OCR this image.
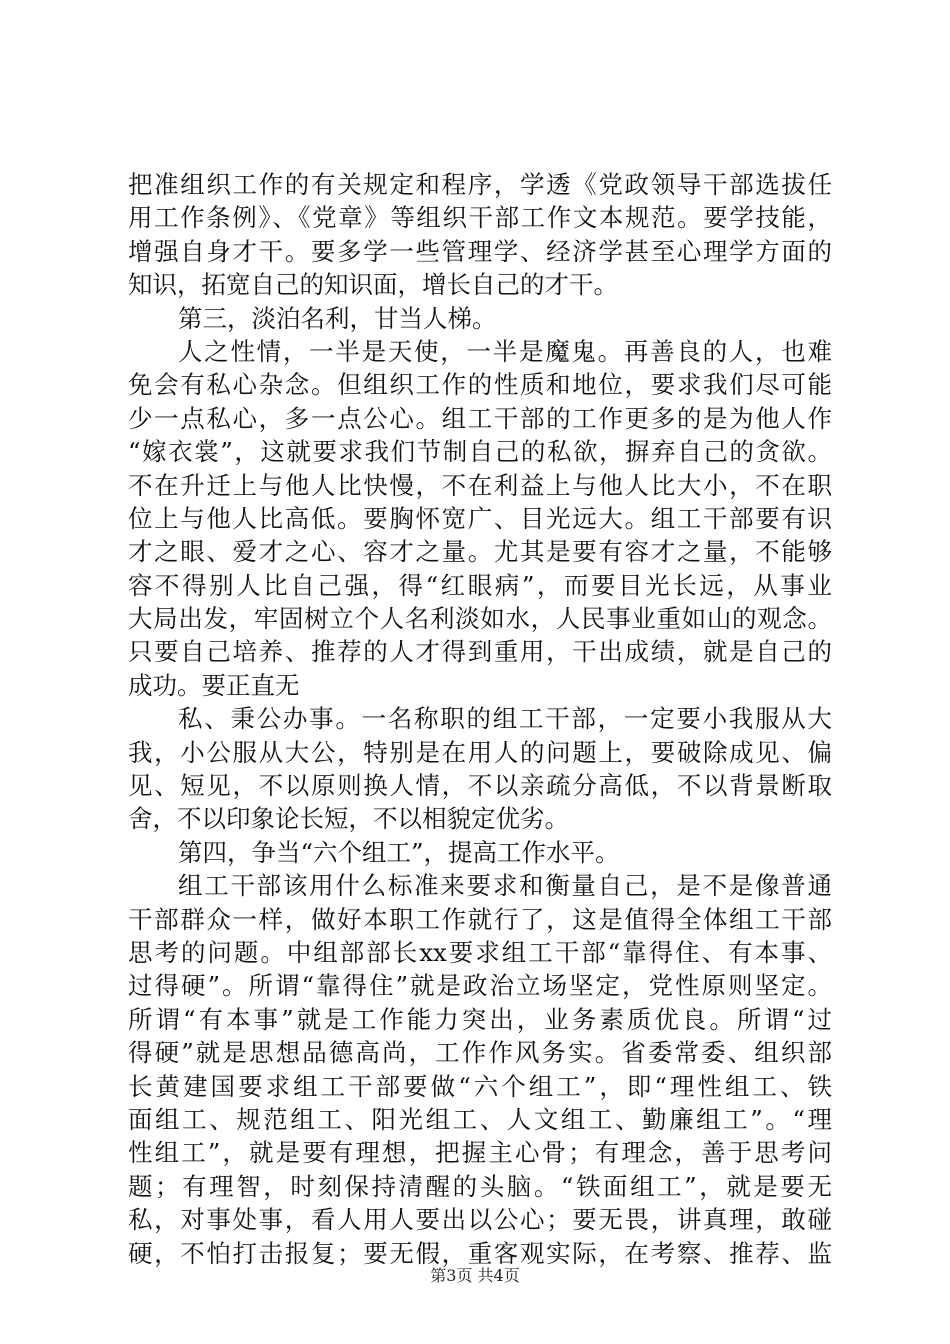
把准组织工作的有关规定和程序，学透《党政领导干部选拔任
用工作条例》、《党章》等组织干部工作文本规范。要学技能，
增强自身才干。要多学一些管理学、经济学甚至心理学方面的
知识，拓宽自己的知识面，增长自己的才干。
第三，淡泊名利，甘当人梯。
人之性情，一半是天使，一半是魔鬼。再善良的人，也难
免会有私心杂念。但组织工作的性质和地位，要求我们尽可能
少一点私心，多一点公心。组工干部的工作更多的是为他人作
“嫁衣裳”，这就要求我们节制自己的私欲，摒弃自己的贪欲。
不在升迁上与他人比快慢，不在利益上与他人比大小，不在职
位上与他人比高低。要胸怀宽广、目光远大。组工干部要有识
才之眼、爱才之心、容才之量。尤其是要有容才之量，不能够
容不得别人比自己强，得“红眼病”，而要目光长远，从事业
大局出发，牢固树立个人名利淡如水，人民事业重如山的观念。
只要自己培养、推荐的人才得到重用，干出成绩，就是自己的
成功。要正直无
私、秉公办事。一名称职的组工干部，一定要小我服从大
我，小公服从大公，特别是在用人的问题上，要破除成见、偏
见、短见，不以原则换人情，不以亲疏分高低，不以背景断取
舍，不以印象论长短，不以相貌定优劣。
第四，争当“六个组工”，提高工作水平。
组工干部该用什么标准来要求和衡量自己，是不是像普通
干部群众一样，做好本职工作就行了，这是值得全体组工干部
思考的问题。中组部部长xx要求组工干部“靠得住、有本事、
过得硬”。所谓“靠得住”就是政治立场坚定，党性原则坚定。
所谓“有本事”就是工作能力突出，业务素质优良。所谓“过
得硬”就是思想品德高尚，工作作风务实。省委常委、组织部
长黄建国要求组工干部要做“六个组工”，即“理性组工、铁
面组工、规范组工、阳光组工、人文组工、勤廉组工”。“理
性组工”，就是要有理想，把握主心骨；有理念，善于思考问
题；有理智，时刻保持清醒的头脑。“铁面组工”，就是要无
私，对事处事，看人用人要出以公心；要无畏，讲真理，敢碰
硬，不怕打击报复；要无假，重客观实际，在考察、推荐、监
第3页 共4页
